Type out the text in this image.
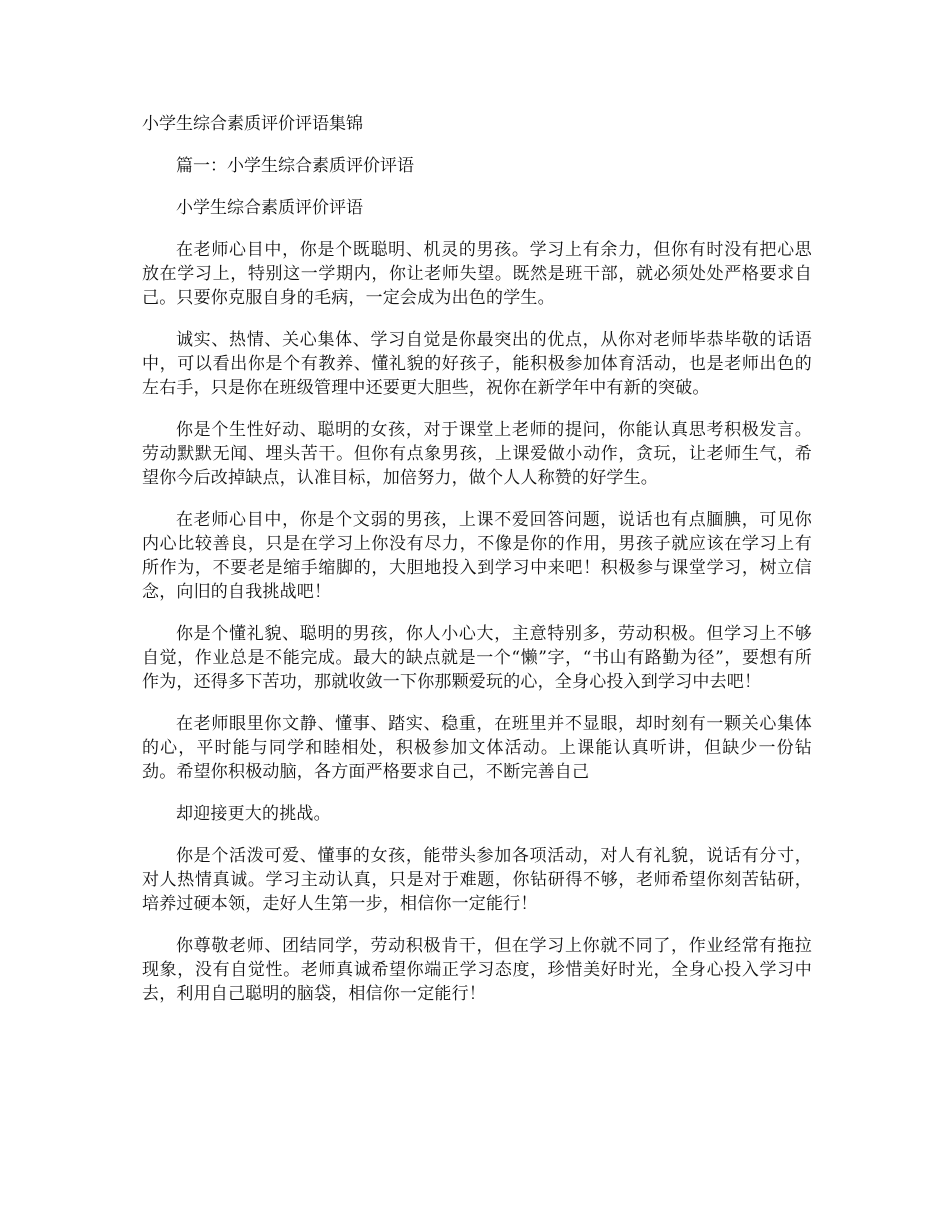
小学生综合素质评价评语集锦
篇一：小学生综合素质评价评语
小学生综合素质评价评语

在老师心目中，你是个既聪明、机灵的男孩。学习上有余力，但你有时没有把心思放在学习上，特别这一学期内，你让老师失望。既然是班干部，就必须处处严格要求自己。只要你克服自身的毛病，一定会成为出色的学生。

诚实、热情、关心集体、学习自觉是你最突出的优点，从你对老师毕恭毕敬的话语中，可以看出你是个有教养、懂礼貌的好孩子，能积极参加体育活动，也是老师出色的左右手，只是你在班级管理中还要更大胆些，祝你在新学年中有新的突破。

你是个生性好动、聪明的女孩，对于课堂上老师的提问，你能认真思考积极发言。劳动默默无闻、埋头苦干。但你有点象男孩，上课爱做小动作，贪玩，让老师生气，希望你今后改掉缺点，认准目标，加倍努力，做个人人称赞的好学生。

在老师心目中，你是个文弱的男孩，上课不爱回答问题，说话也有点腼腆，可见你内心比较善良，只是在学习上你没有尽力，不像是你的作用，男孩子就应该在学习上有所作为，不要老是缩手缩脚的，大胆地投入到学习中来吧！积极参与课堂学习，树立信念，向旧的自我挑战吧！

你是个懂礼貌、聪明的男孩，你人小心大，主意特别多，劳动积极。但学习上不够自觉，作业总是不能完成。最大的缺点就是一个“懒”字，“书山有路勤为径”，要想有所作为，还得多下苦功，那就收敛一下你那颗爱玩的心，全身心投入到学习中去吧！

在老师眼里你文静、懂事、踏实、稳重，在班里并不显眼，却时刻有一颗关心集体的心，平时能与同学和睦相处，积极参加文体活动。上课能认真听讲，但缺少一份钻劲。希望你积极动脑，各方面严格要求自己，不断完善自己

却迎接更大的挑战。

你是个活泼可爱、懂事的女孩，能带头参加各项活动，对人有礼貌，说话有分寸，对人热情真诚。学习主动认真，只是对于难题，你钻研得不够，老师希望你刻苦钻研，培养过硬本领，走好人生第一步，相信你一定能行！

你尊敬老师、团结同学，劳动积极肯干，但在学习上你就不同了，作业经常有拖拉现象，没有自觉性。老师真诚希望你端正学习态度，珍惜美好时光，全身心投入学习中去，利用自己聪明的脑袋，相信你一定能行！
